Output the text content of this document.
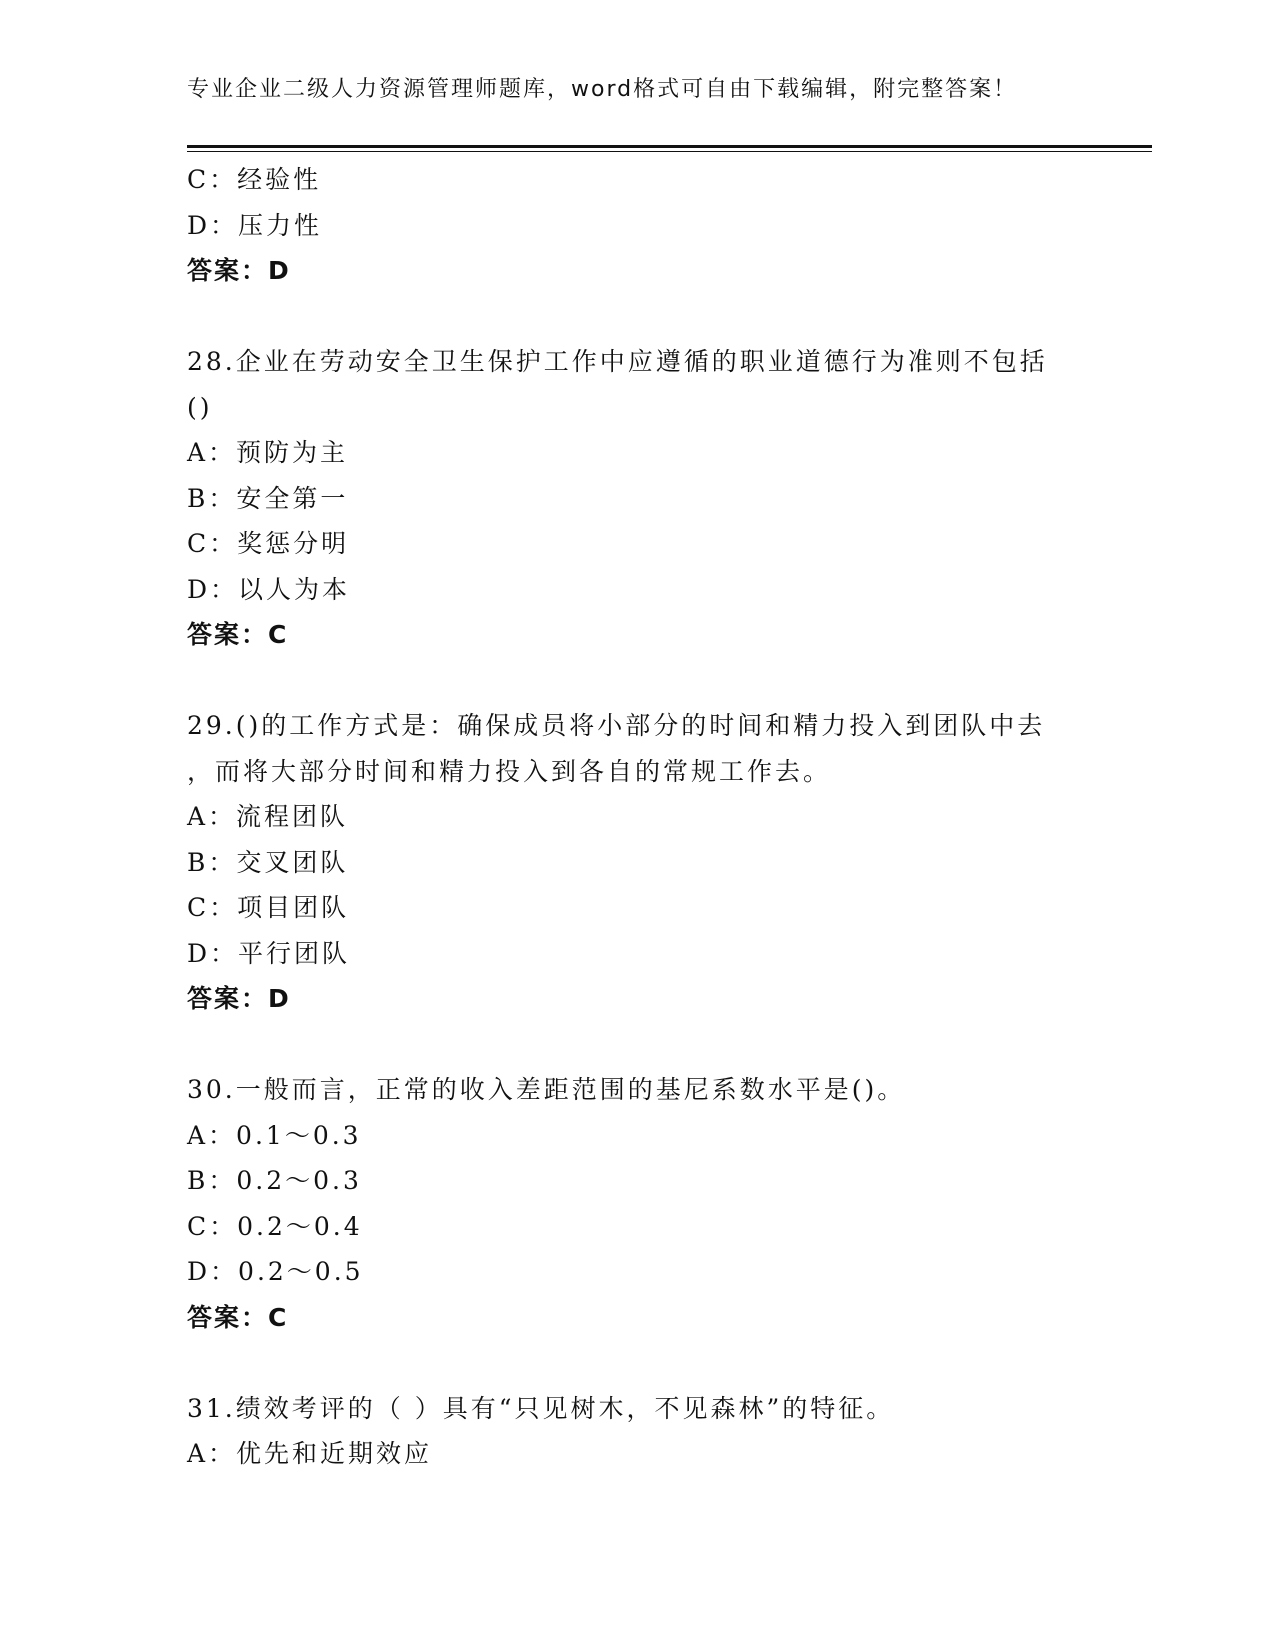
专业企业二级人力资源管理师题库，word格式可自由下载编辑，附完整答案！
C：经验性
D：压力性
答案：D
28.企业在劳动安全卫生保护工作中应遵循的职业道德行为准则不包括
()
A：预防为主
B：安全第一
C：奖惩分明
D：以人为本
答案：C
29.()的工作方式是：确保成员将小部分的时间和精力投入到团队中去
，而将大部分时间和精力投入到各自的常规工作去。
A：流程团队
B：交叉团队
C：项目团队
D：平行团队
答案：D
30.一般而言，正常的收入差距范围的基尼系数水平是()。
A：0.1～0.3
B：0.2～0.3
C：0.2～0.4
D：0.2～0.5
答案：C
31.绩效考评的（ ）具有“只见树木，不见森林”的特征。
A：优先和近期效应
